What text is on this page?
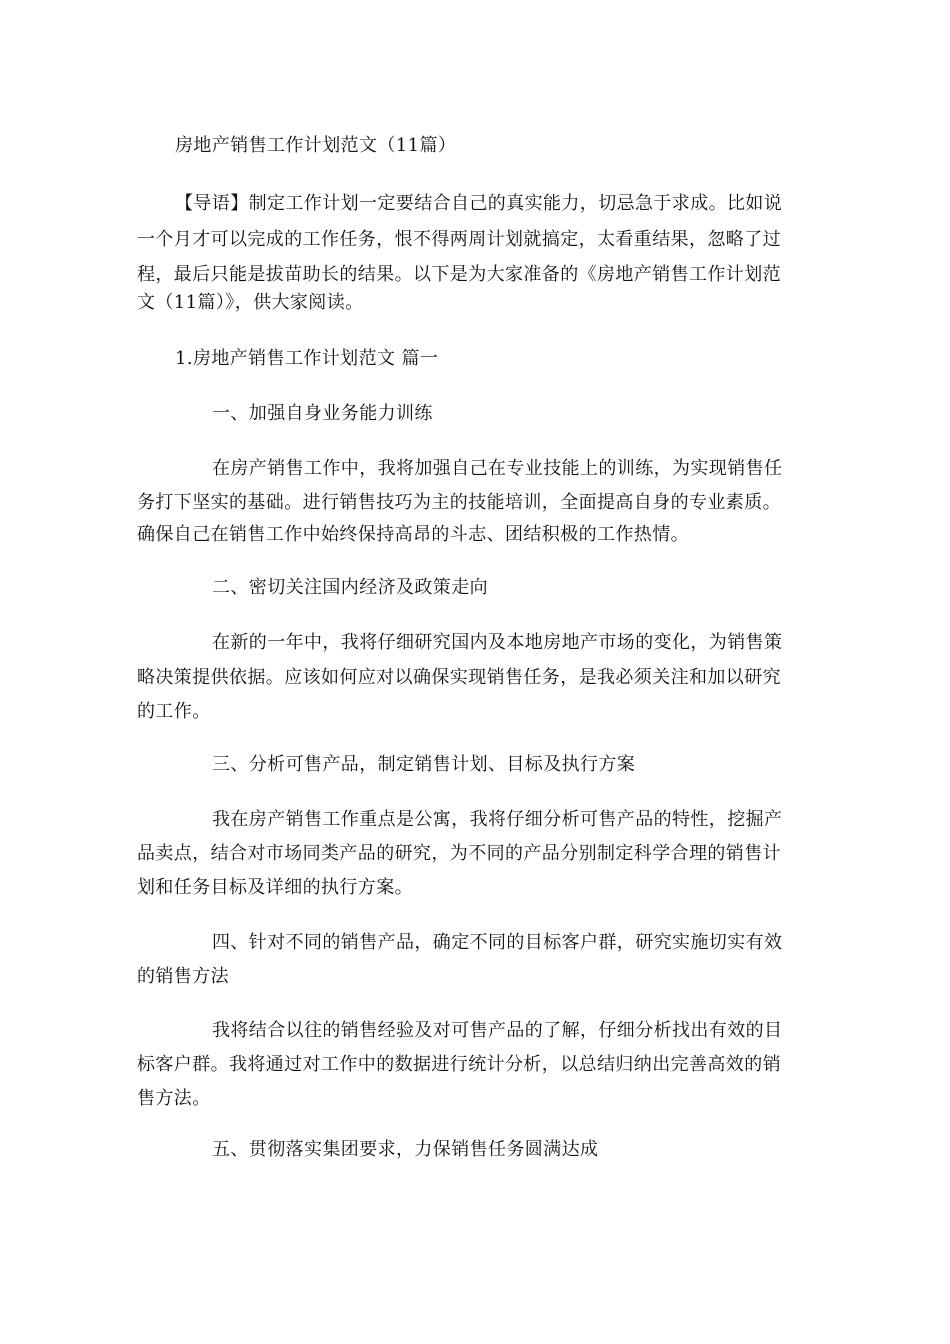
房地产销售工作计划范文（11篇）

【导语】制定工作计划一定要结合自己的真实能力，切忌急于求成。比如说

一个月才可以完成的工作任务，恨不得两周计划就搞定，太看重结果，忽略了过

程，最后只能是拔苗助长的结果。以下是为大家准备的《房地产销售工作计划范

文（11篇）》，供大家阅读。

1.房地产销售工作计划范文 篇一

一、加强自身业务能力训练

在房产销售工作中，我将加强自己在专业技能上的训练，为实现销售任

务打下坚实的基础。进行销售技巧为主的技能培训，全面提高自身的专业素质。

确保自己在销售工作中始终保持高昂的斗志、团结积极的工作热情。

二、密切关注国内经济及政策走向

在新的一年中，我将仔细研究国内及本地房地产市场的变化，为销售策

略决策提供依据。应该如何应对以确保实现销售任务，是我必须关注和加以研究

的工作。

三、分析可售产品，制定销售计划、目标及执行方案

我在房产销售工作重点是公寓，我将仔细分析可售产品的特性，挖掘产

品卖点，结合对市场同类产品的研究，为不同的产品分别制定科学合理的销售计

划和任务目标及详细的执行方案。

四、针对不同的销售产品，确定不同的目标客户群，研究实施切实有效

的销售方法

我将结合以往的销售经验及对可售产品的了解，仔细分析找出有效的目

标客户群。我将通过对工作中的数据进行统计分析，以总结归纳出完善高效的销

售方法。

五、贯彻落实集团要求，力保销售任务圆满达成
